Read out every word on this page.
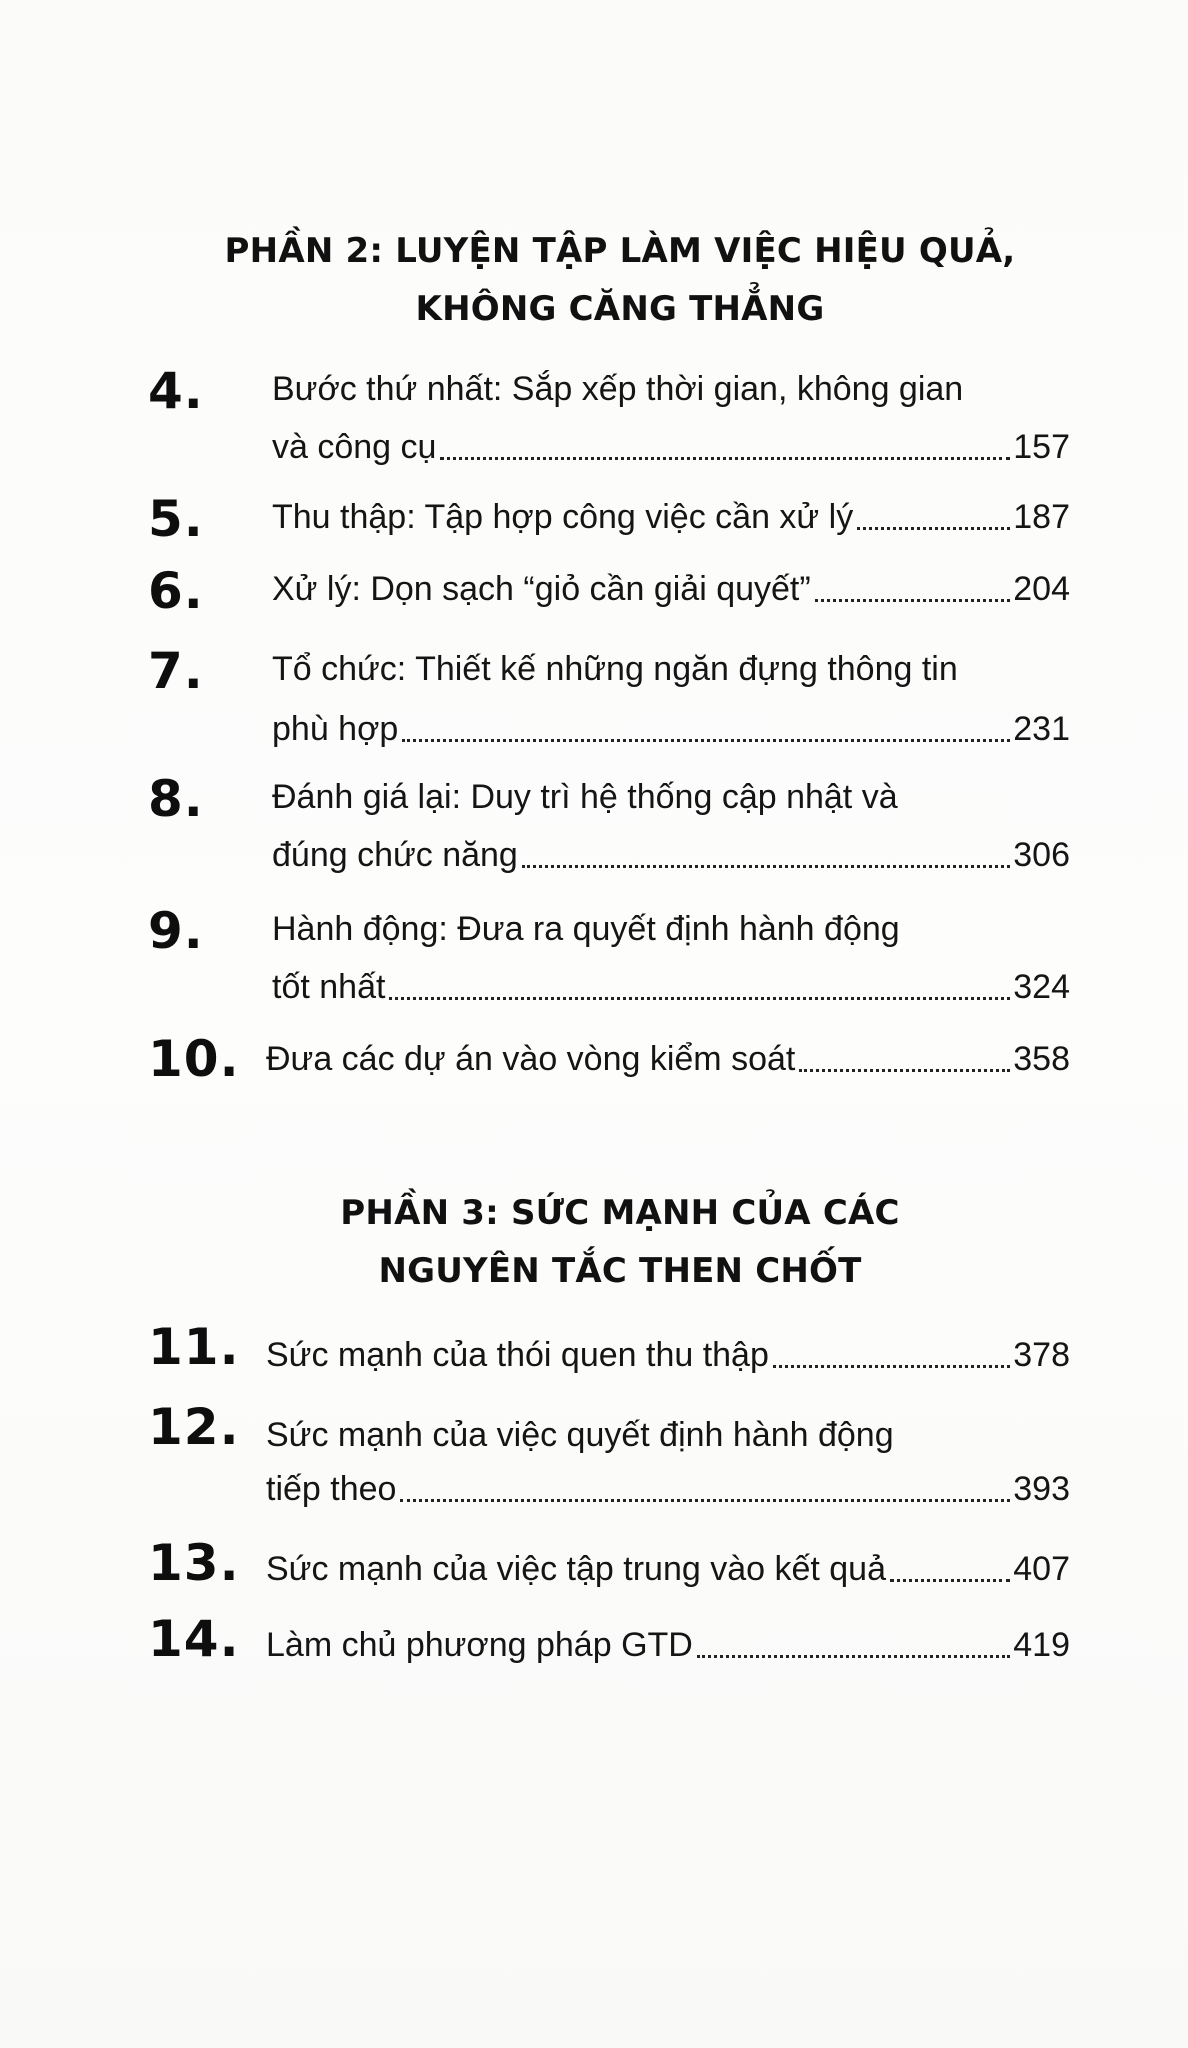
PHẦN 2: LUYỆN TẬP LÀM VIỆC HIỆU QUẢ,
KHÔNG CĂNG THẲNG
4. Bước thứ nhất: Sắp xếp thời gian, không gian
và công cụ	157
5. Thu thập: Tập hợp công việc cần xử lý	187
6. Xử lý: Dọn sạch “giỏ cần giải quyết”	204
7. Tổ chức: Thiết kế những ngăn đựng thông tin
phù hợp	231
8. Đánh giá lại: Duy trì hệ thống cập nhật và
đúng chức năng	306
9. Hành động: Đưa ra quyết định hành động
tốt nhất	324
10. Đưa các dự án vào vòng kiểm soát	358
PHẦN 3: SỨC MẠNH CỦA CÁC
NGUYÊN TẮC THEN CHỐT
11. Sức mạnh của thói quen thu thập	378
12. Sức mạnh của việc quyết định hành động
tiếp theo	393
13. Sức mạnh của việc tập trung vào kết quả	407
14. Làm chủ phương pháp GTD	419
